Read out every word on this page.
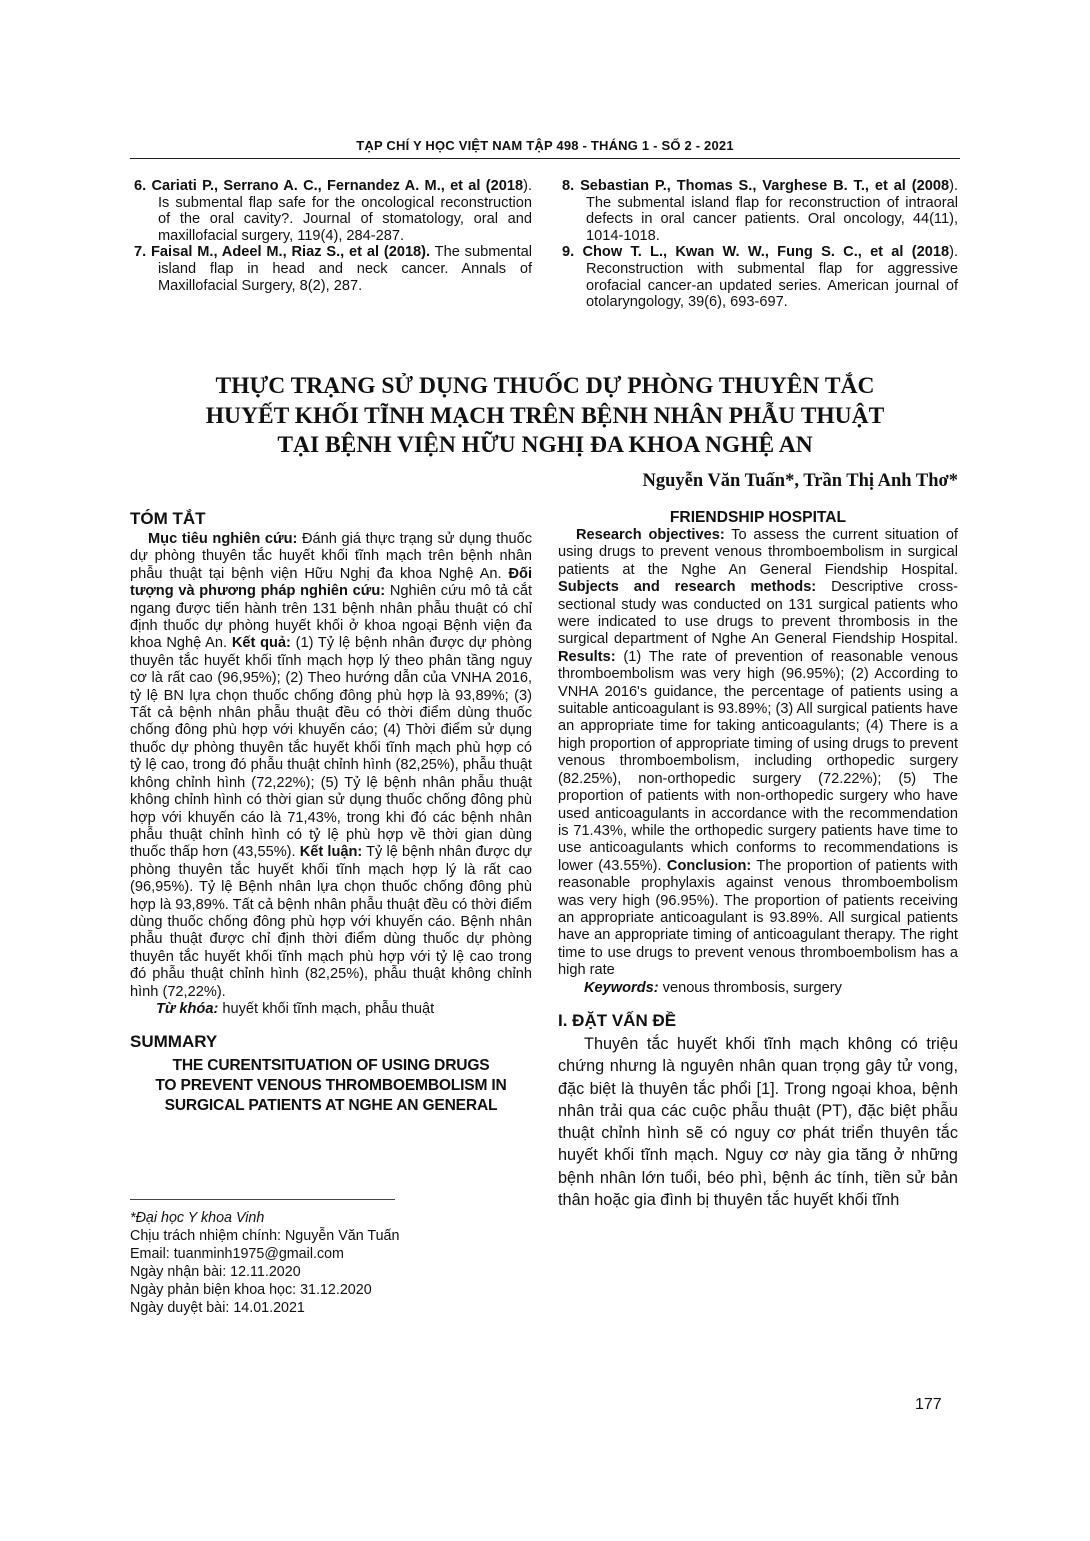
TẠP CHÍ Y HỌC VIỆT NAM TẬP 498 - THÁNG 1 - SỐ 2 - 2021

6. Cariati P., Serrano A. C., Fernandez A. M., et al (2018). Is submental flap safe for the oncological reconstruction of the oral cavity?. Journal of stomatology, oral and maxillofacial surgery, 119(4), 284-287.

7. Faisal M., Adeel M., Riaz S., et al (2018). The submental island flap in head and neck cancer. Annals of Maxillofacial Surgery, 8(2), 287.

8. Sebastian P., Thomas S., Varghese B. T., et al (2008). The submental island flap for reconstruction of intraoral defects in oral cancer patients. Oral oncology, 44(11), 1014-1018.

9. Chow T. L., Kwan W. W., Fung S. C., et al (2018). Reconstruction with submental flap for aggressive orofacial cancer-an updated series. American journal of otolaryngology, 39(6), 693-697.

THỰC TRẠNG SỬ DỤNG THUỐC DỰ PHÒNG THUYÊN TẮC
HUYẾT KHỐI TĨNH MẠCH TRÊN BỆNH NHÂN PHẪU THUẬT
TẠI BỆNH VIỆN HỮU NGHỊ ĐA KHOA NGHỆ AN
Nguyễn Văn Tuấn*, Trần Thị Anh Thơ*

TÓM TẮT

Mục tiêu nghiên cứu: Đánh giá thực trạng sử dụng thuốc dự phòng thuyên tắc huyết khối tĩnh mạch trên bệnh nhân phẫu thuật tại bệnh viện Hữu Nghị đa khoa Nghệ An. Đối tượng và phương pháp nghiên cứu: Nghiên cứu mô tả cắt ngang được tiến hành trên 131 bệnh nhân phẫu thuật có chỉ định thuốc dự phòng huyết khối ở khoa ngoại Bệnh viện đa khoa Nghệ An. Kết quả: (1) Tỷ lệ bệnh nhân được dự phòng thuyên tắc huyết khối tĩnh mạch hợp lý theo phân tầng nguy cơ là rất cao (96,95%); (2) Theo hướng dẫn của VNHA 2016, tỷ lệ BN lựa chọn thuốc chống đông phù hợp là 93,89%; (3) Tất cả bệnh nhân phẫu thuật đều có thời điểm dùng thuốc chống đông phù hợp với khuyến cáo; (4) Thời điểm sử dụng thuốc dự phòng thuyên tắc huyết khối tĩnh mạch phù hợp có tỷ lệ cao, trong đó phẫu thuật chỉnh hình (82,25%), phẫu thuật không chỉnh hình (72,22%); (5) Tỷ lệ bệnh nhân phẫu thuật không chỉnh hình có thời gian sử dụng thuốc chống đông phù hợp với khuyến cáo là 71,43%, trong khi đó các bệnh nhân phẫu thuật chỉnh hình có tỷ lệ phù hợp về thời gian dùng thuốc thấp hơn (43,55%). Kết luận: Tỷ lệ bệnh nhân được dự phòng thuyên tắc huyết khối tĩnh mạch hợp lý là rất cao (96,95%). Tỷ lệ Bệnh nhân lựa chọn thuốc chống đông phù hợp là 93,89%. Tất cả bệnh nhân phẫu thuật đều có thời điểm dùng thuốc chống đông phù hợp với khuyến cáo. Bệnh nhân phẫu thuật được chỉ định thời điểm dùng thuốc dự phòng thuyên tắc huyết khối tĩnh mạch phù hợp với tỷ lệ cao trong đó phẫu thuật chỉnh hình (82,25%), phẫu thuật không chỉnh hình (72,22%).

Từ khóa: huyết khối tĩnh mạch, phẫu thuật

SUMMARY

THE CURENTSITUATION OF USING DRUGS

TO PREVENT VENOUS THROMBOEMBOLISM IN

SURGICAL PATIENTS AT NGHE AN GENERAL

*Đại học Y khoa Vinh
Chịu trách nhiệm chính: Nguyễn Văn Tuấn
Email: tuanminh1975@gmail.com
Ngày nhận bài: 12.11.2020
Ngày phản biện khoa học: 31.12.2020
Ngày duyệt bài: 14.01.2021

FRIENDSHIP HOSPITAL

Research objectives: To assess the current situation of using drugs to prevent venous thromboembolism in surgical patients at the Nghe An General Fiendship Hospital. Subjects and research methods: Descriptive cross-sectional study was conducted on 131 surgical patients who were indicated to use drugs to prevent thrombosis in the surgical department of Nghe An General Fiendship Hospital. Results: (1) The rate of prevention of reasonable venous thromboembolism was very high (96.95%); (2) According to VNHA 2016's guidance, the percentage of patients using a suitable anticoagulant is 93.89%; (3) All surgical patients have an appropriate time for taking anticoagulants; (4) There is a high proportion of appropriate timing of using drugs to prevent venous thromboembolism, including orthopedic surgery (82.25%), non-orthopedic surgery (72.22%); (5) The proportion of patients with non-orthopedic surgery who have used anticoagulants in accordance with the recommendation is 71.43%, while the orthopedic surgery patients have time to use anticoagulants which conforms to recommendations is lower (43.55%). Conclusion: The proportion of patients with reasonable prophylaxis against venous thromboembolism was very high (96.95%). The proportion of patients receiving an appropriate anticoagulant is 93.89%. All surgical patients have an appropriate timing of anticoagulant therapy. The right time to use drugs to prevent venous thromboembolism has a high rate

Keywords: venous thrombosis, surgery

I. ĐẶT VẤN ĐỀ

Thuyên tắc huyết khối tĩnh mạch không có triệu chứng nhưng là nguyên nhân quan trọng gây tử vong, đặc biệt là thuyên tắc phổi [1]. Trong ngoại khoa, bệnh nhân trải qua các cuộc phẫu thuật (PT), đặc biệt phẫu thuật chỉnh hình sẽ có nguy cơ phát triển thuyên tắc huyết khối tĩnh mạch. Nguy cơ này gia tăng ở những bệnh nhân lớn tuổi, béo phì, bệnh ác tính, tiền sử bản thân hoặc gia đình bị thuyên tắc huyết khối tĩnh

177
